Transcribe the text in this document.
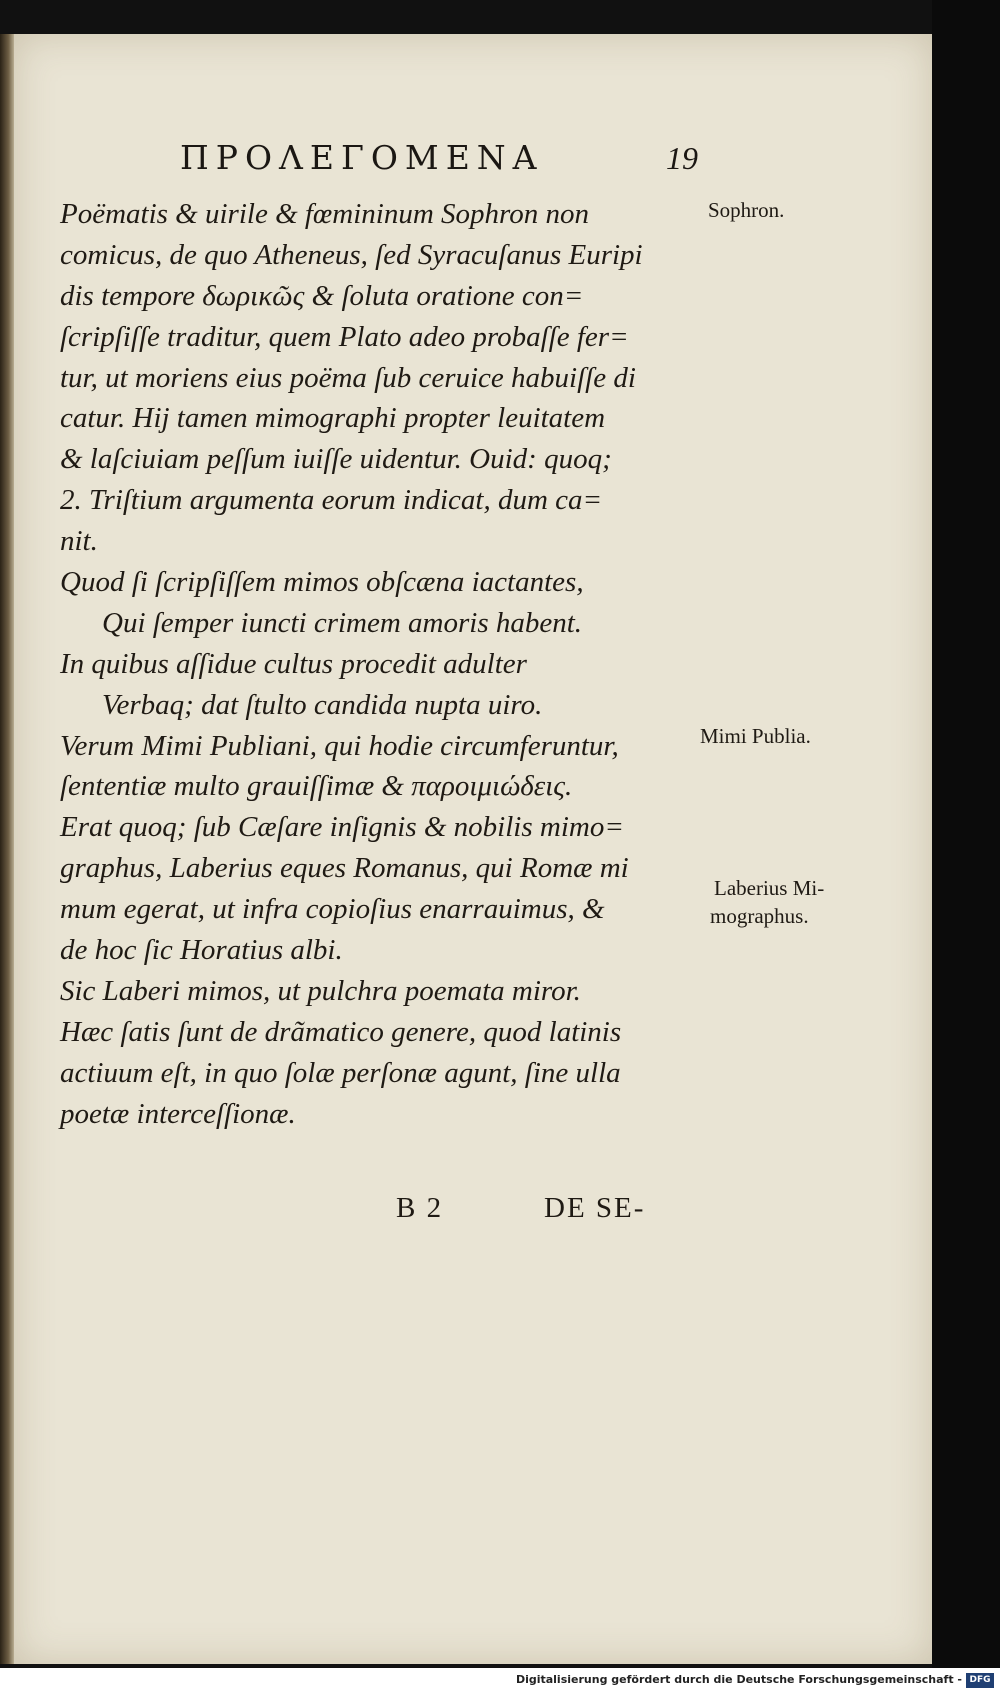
ΠΡΟΛΕΓΟΜΕΝΑ	19
Poëmatis & uirile & fœmininum Sophron non
comicus, de quo Atheneus, ſed Syracuſanus Euripi
dis tempore δωρικῶς & ſoluta oratione con=
ſcripſiſſe traditur, quem Plato adeo probaſſe fer=
tur, ut moriens eius poëma ſub ceruice habuiſſe di
catur. Hij tamen mimographi propter leuitatem
& laſciuiam peſſum iuiſſe uidentur. Ouid: quoq;
2. Triſtium argumenta eorum indicat, dum ca=
nit.
Quod ſi ſcripſiſſem mimos obſcæna iactantes,
Qui ſemper iuncti crimem amoris habent.
In quibus aſſidue cultus procedit adulter
Verbaq; dat ſtulto candida nupta uiro.
Verum Mimi Publiani, qui hodie circumferuntur,
ſententiæ multo grauiſſimæ & παροιμιώδεις.
Erat quoq; ſub Cæſare inſignis & nobilis mimo=
graphus, Laberius eques Romanus, qui Romæ mi
mum egerat, ut infra copioſius enarrauimus, &
de hoc ſic Horatius albi.
Sic Laberi mimos, ut pulchra poemata miror.
Hæc ſatis ſunt de drãmatico genere, quod latinis
actiuum eſt, in quo ſolæ perſonæ agunt, ſine ulla
poetæ interceſſionæ.
Sophron.
Mimi Publia.
Laberius Mi-
mographus.
B 2	DE SE-
Digitalisierung gefördert durch die Deutsche Forschungsgemeinschaft - DFG
